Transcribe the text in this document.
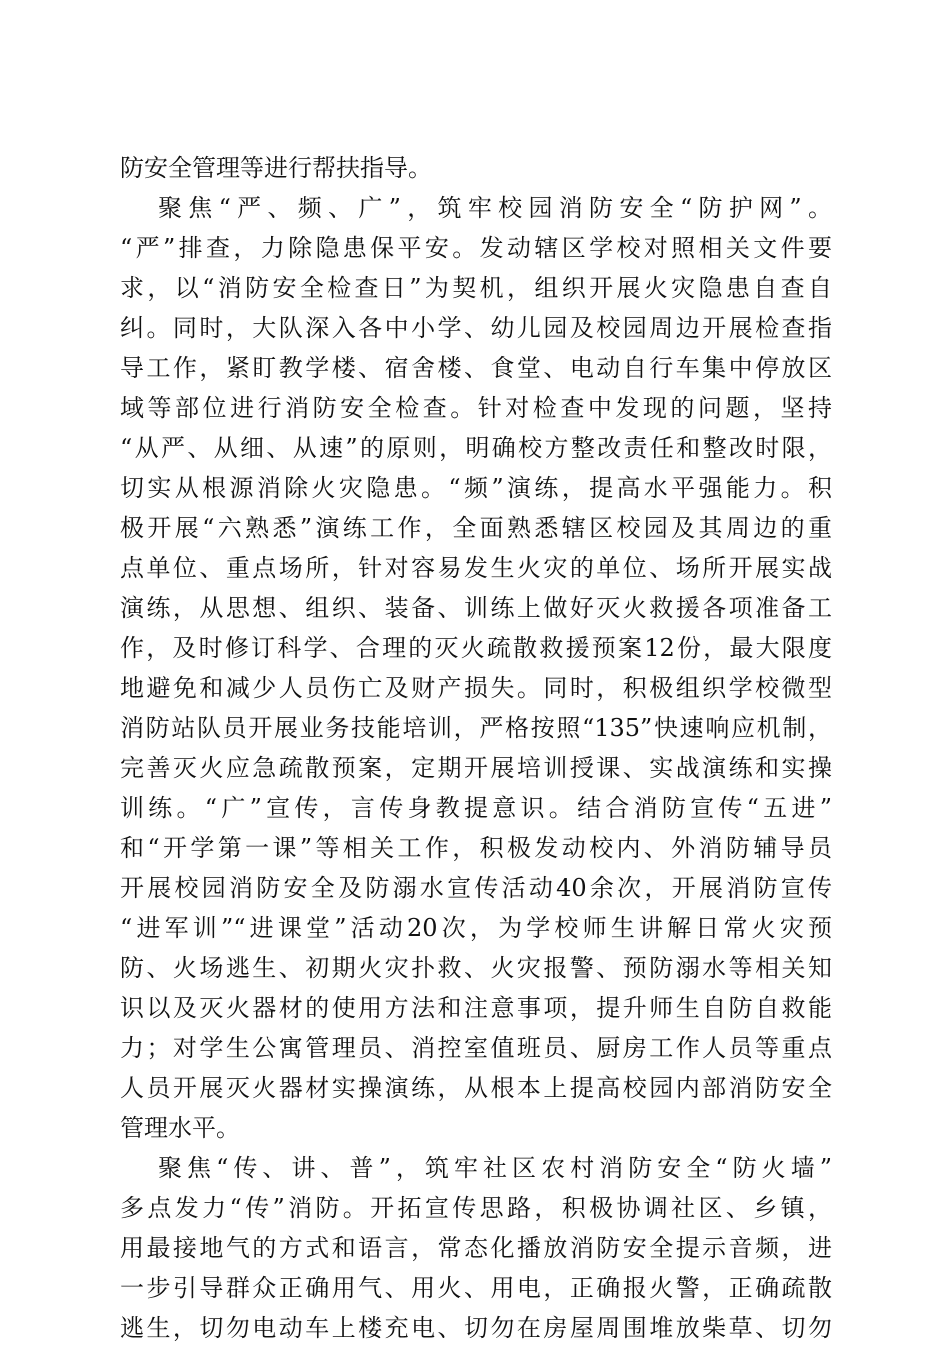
防安全管理等进行帮扶指导。
聚焦“严、频、广”，筑牢校园消防安全“防护网”。
“严”排查，力除隐患保平安。发动辖区学校对照相关文件要
求，以“消防安全检查日”为契机，组织开展火灾隐患自查自
纠。同时，大队深入各中小学、幼儿园及校园周边开展检查指
导工作，紧盯教学楼、宿舍楼、食堂、电动自行车集中停放区
域等部位进行消防安全检查。针对检查中发现的问题，坚持
“从严、从细、从速”的原则，明确校方整改责任和整改时限，
切实从根源消除火灾隐患。“频”演练，提高水平强能力。积
极开展“六熟悉”演练工作，全面熟悉辖区校园及其周边的重
点单位、重点场所，针对容易发生火灾的单位、场所开展实战
演练，从思想、组织、装备、训练上做好灭火救援各项准备工
作，及时修订科学、合理的灭火疏散救援预案12份，最大限度
地避免和减少人员伤亡及财产损失。同时，积极组织学校微型
消防站队员开展业务技能培训，严格按照“135”快速响应机制，
完善灭火应急疏散预案，定期开展培训授课、实战演练和实操
训练。“广”宣传，言传身教提意识。结合消防宣传“五进”
和“开学第一课”等相关工作，积极发动校内、外消防辅导员
开展校园消防安全及防溺水宣传活动40余次，开展消防宣传
“进军训”“进课堂”活动20次，为学校师生讲解日常火灾预
防、火场逃生、初期火灾扑救、火灾报警、预防溺水等相关知
识以及灭火器材的使用方法和注意事项，提升师生自防自救能
力；对学生公寓管理员、消控室值班员、厨房工作人员等重点
人员开展灭火器材实操演练，从根本上提高校园内部消防安全
管理水平。
聚焦“传、讲、普”，筑牢社区农村消防安全“防火墙”
多点发力“传”消防。开拓宣传思路，积极协调社区、乡镇，
用最接地气的方式和语言，常态化播放消防安全提示音频，进
一步引导群众正确用气、用火、用电，正确报火警，正确疏散
逃生，切勿电动车上楼充电、切勿在房屋周围堆放柴草、切勿
